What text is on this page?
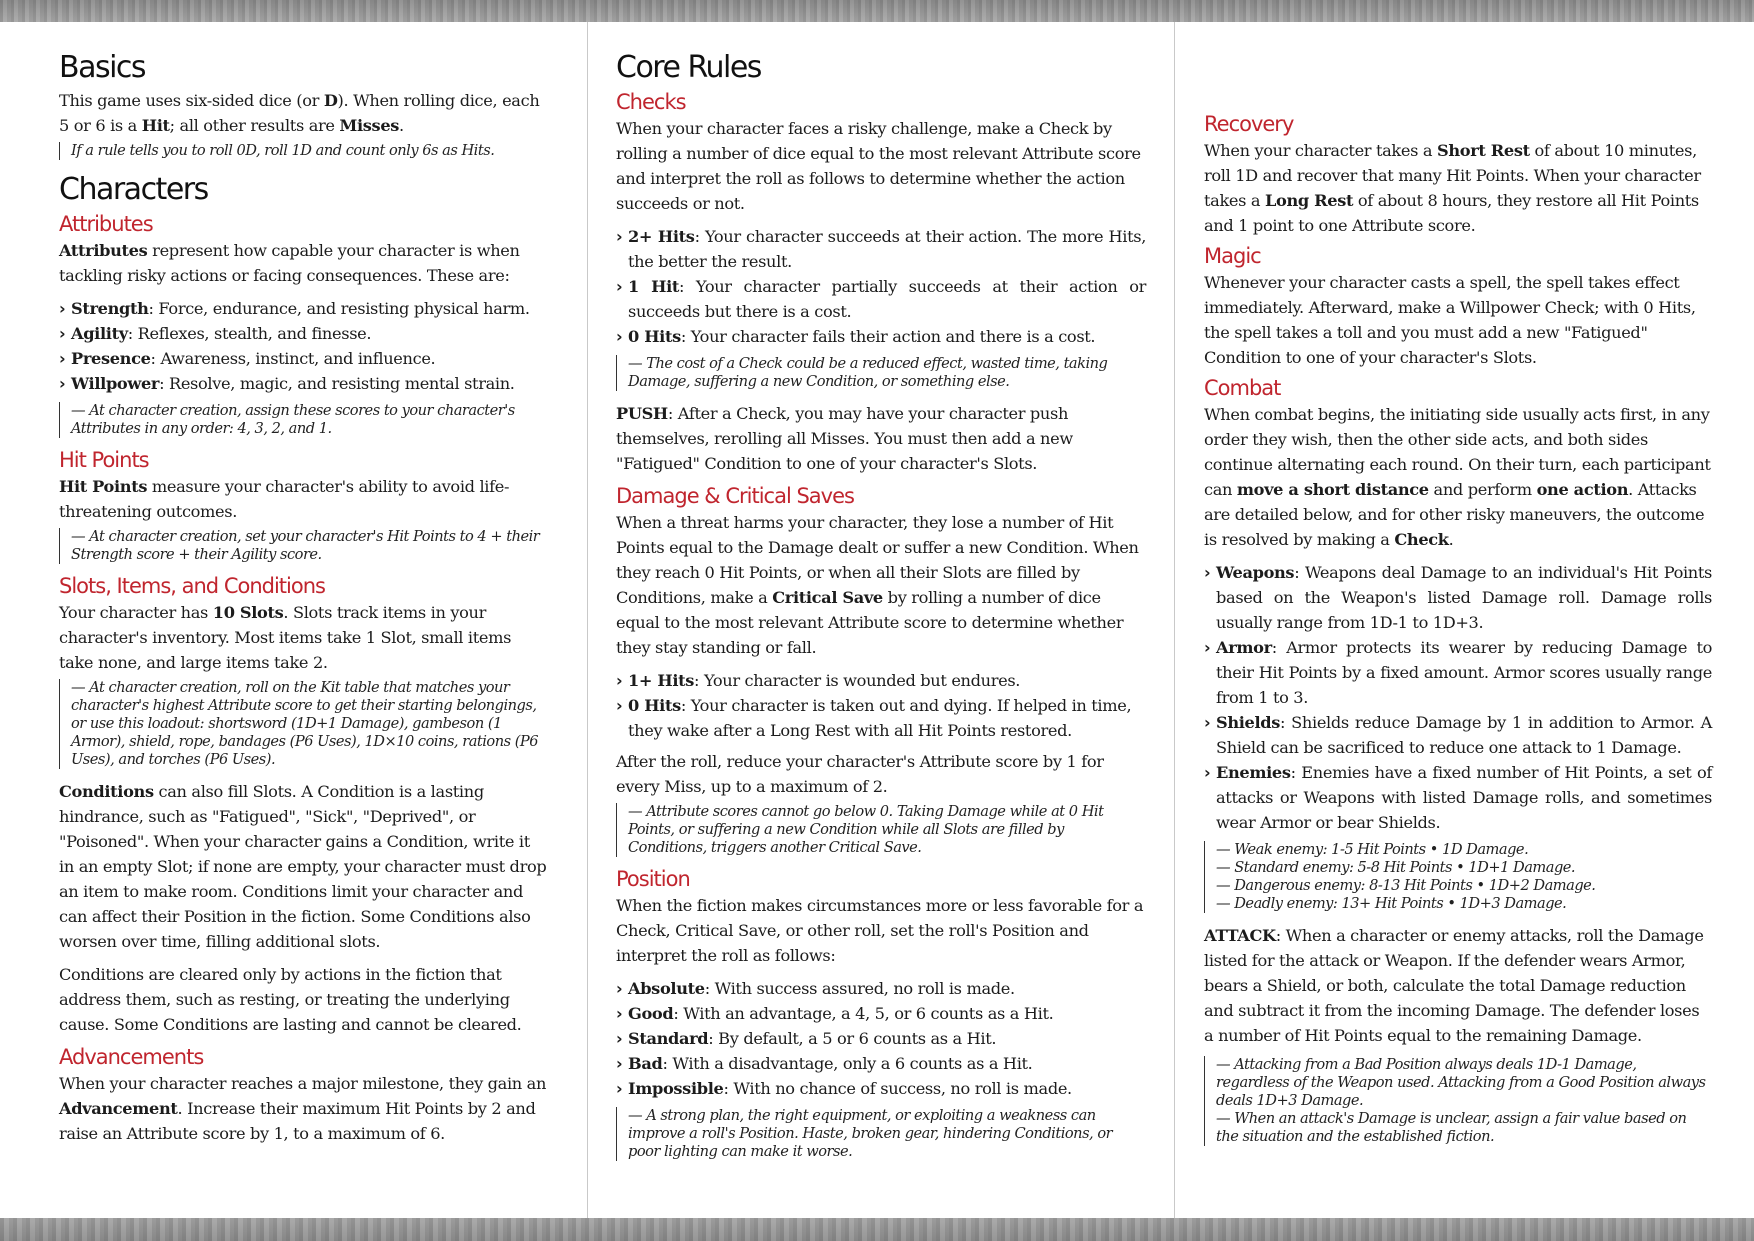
Basics

This game uses six-sided dice (or D). When rolling dice, each 5 or 6 is a Hit; all other results are Misses.

If a rule tells you to roll 0D, roll 1D and count only 6s as Hits.
Characters
Attributes

Attributes represent how capable your character is when tackling risky actions or facing consequences. These are:

› Strength: Force, endurance, and resisting physical harm.
› Agility: Reflexes, stealth, and finesse.
› Presence: Awareness, instinct, and influence.
› Willpower: Resolve, magic, and resisting mental strain.
— At character creation, assign these scores to your character's Attributes in any order: 4, 3, 2, and 1.
Hit Points

Hit Points measure your character's ability to avoid life-threatening outcomes.

— At character creation, set your character's Hit Points to 4 + their Strength score + their Agility score.
Slots, Items, and Conditions

Your character has 10 Slots. Slots track items in your character's inventory. Most items take 1 Slot, small items take none, and large items take 2.

— At character creation, roll on the Kit table that matches your character's highest Attribute score to get their starting belongings, or use this loadout: shortsword (1D+1 Damage), gambeson (1 Armor), shield, rope, bandages (P6 Uses), 1D×10 coins, rations (P6 Uses), and torches (P6 Uses).

Conditions can also fill Slots. A Condition is a lasting hindrance, such as "Fatigued", "Sick", "Deprived", or "Poisoned". When your character gains a Condition, write it in an empty Slot; if none are empty, your character must drop an item to make room. Conditions limit your character and can affect their Position in the fiction. Some Conditions also worsen over time, filling additional slots.

Conditions are cleared only by actions in the fiction that address them, such as resting, or treating the underlying cause. Some Conditions are lasting and cannot be cleared.

Advancements

When your character reaches a major milestone, they gain an Advancement. Increase their maximum Hit Points by 2 and raise an Attribute score by 1, to a maximum of 6.

Core Rules
Checks

When your character faces a risky challenge, make a Check by rolling a number of dice equal to the most relevant Attribute score and interpret the roll as follows to determine whether the action succeeds or not.

› 2+ Hits: Your character succeeds at their action. The more Hits, the better the result.
› 1 Hit: Your character partially succeeds at their action or succeeds but there is a cost.
› 0 Hits: Your character fails their action and there is a cost.
— The cost of a Check could be a reduced effect, wasted time, taking Damage, suffering a new Condition, or something else.

PUSH: After a Check, you may have your character push themselves, rerolling all Misses. You must then add a new "Fatigued" Condition to one of your character's Slots.

Damage & Critical Saves

When a threat harms your character, they lose a number of Hit Points equal to the Damage dealt or suffer a new Condition. When they reach 0 Hit Points, or when all their Slots are filled by Conditions, make a Critical Save by rolling a number of dice equal to the most relevant Attribute score to determine whether they stay standing or fall.

› 1+ Hits: Your character is wounded but endures.
› 0 Hits: Your character is taken out and dying. If helped in time, they wake after a Long Rest with all Hit Points restored.

After the roll, reduce your character's Attribute score by 1 for every Miss, up to a maximum of 2.

— Attribute scores cannot go below 0. Taking Damage while at 0 Hit Points, or suffering a new Condition while all Slots are filled by Conditions, triggers another Critical Save.
Position

When the fiction makes circumstances more or less favorable for a Check, Critical Save, or other roll, set the roll's Position and interpret the roll as follows:

› Absolute: With success assured, no roll is made.
› Good: With an advantage, a 4, 5, or 6 counts as a Hit.
› Standard: By default, a 5 or 6 counts as a Hit.
› Bad: With a disadvantage, only a 6 counts as a Hit.
› Impossible: With no chance of success, no roll is made.
— A strong plan, the right equipment, or exploiting a weakness can improve a roll's Position. Haste, broken gear, hindering Conditions, or poor lighting can make it worse.
Recovery

When your character takes a Short Rest of about 10 minutes, roll 1D and recover that many Hit Points. When your character takes a Long Rest of about 8 hours, they restore all Hit Points and 1 point to one Attribute score.

Magic

Whenever your character casts a spell, the spell takes effect immediately. Afterward, make a Willpower Check; with 0 Hits, the spell takes a toll and you must add a new "Fatigued" Condition to one of your character's Slots.

Combat

When combat begins, the initiating side usually acts first, in any order they wish, then the other side acts, and both sides continue alternating each round. On their turn, each participant can move a short distance and perform one action. Attacks are detailed below, and for other risky maneuvers, the outcome is resolved by making a Check.

› Weapons: Weapons deal Damage to an individual's Hit Points based on the Weapon's listed Damage roll. Damage rolls usually range from 1D-1 to 1D+3.
› Armor: Armor protects its wearer by reducing Damage to their Hit Points by a fixed amount. Armor scores usually range from 1 to 3.
› Shields: Shields reduce Damage by 1 in addition to Armor. A Shield can be sacrificed to reduce one attack to 1 Damage.
› Enemies: Enemies have a fixed number of Hit Points, a set of attacks or Weapons with listed Damage rolls, and sometimes wear Armor or bear Shields.
— Weak enemy: 1-5 Hit Points • 1D Damage.
— Standard enemy: 5-8 Hit Points • 1D+1 Damage.
— Dangerous enemy: 8-13 Hit Points • 1D+2 Damage.
— Deadly enemy: 13+ Hit Points • 1D+3 Damage.

ATTACK: When a character or enemy attacks, roll the Damage listed for the attack or Weapon. If the defender wears Armor, bears a Shield, or both, calculate the total Damage reduction and subtract it from the incoming Damage. The defender loses a number of Hit Points equal to the remaining Damage.

— Attacking from a Bad Position always deals 1D-1 Damage, regardless of the Weapon used. Attacking from a Good Position always deals 1D+3 Damage.
— When an attack's Damage is unclear, assign a fair value based on the situation and the established fiction.
